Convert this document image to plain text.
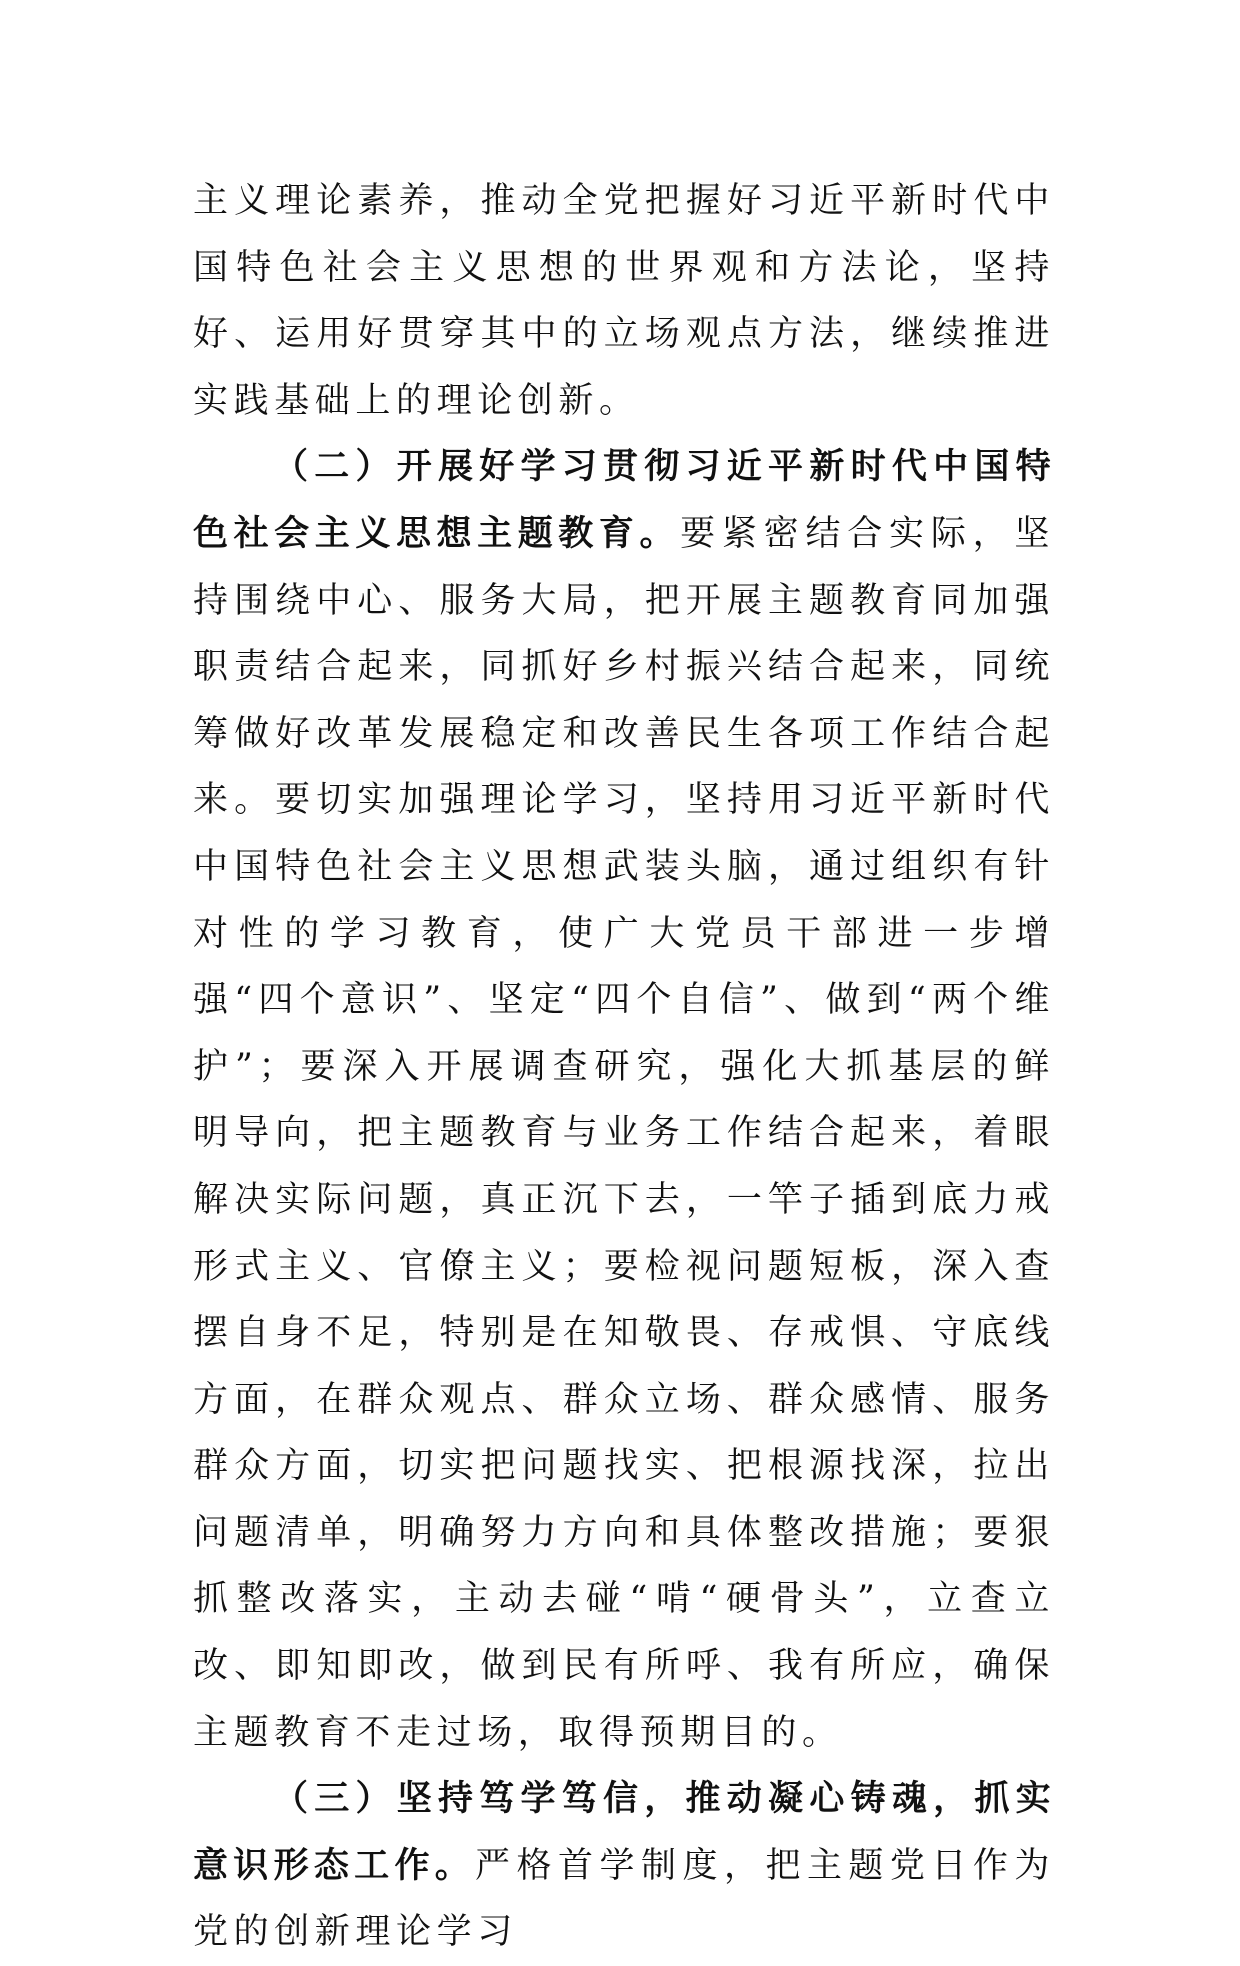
主义理论素养，推动全党把握好习近平新时代中国特色社会主义思想的世界观和方法论，坚持好、运用好贯穿其中的立场观点方法，继续推进实践基础上的理论创新。

（二）开展好学习贯彻习近平新时代中国特色社会主义思想主题教育。要紧密结合实际，坚持围绕中心、服务大局，把开展主题教育同加强职责结合起来，同抓好乡村振兴结合起来，同统筹做好改革发展稳定和改善民生各项工作结合起来。要切实加强理论学习，坚持用习近平新时代中国特色社会主义思想武装头脑，通过组织有针对性的学习教育，使广大党员干部进一步增强“四个意识”、坚定“四个自信”、做到“两个维护”；要深入开展调查研究，强化大抓基层的鲜明导向，把主题教育与业务工作结合起来，着眼解决实际问题，真正沉下去，一竿子插到底力戒形式主义、官僚主义；要检视问题短板，深入查摆自身不足，特别是在知敬畏、存戒惧、守底线方面，在群众观点、群众立场、群众感情、服务群众方面，切实把问题找实、把根源找深，拉出问题清单，明确努力方向和具体整改措施；要狠抓整改落实，主动去碰“啃“硬骨头”，立查立改、即知即改，做到民有所呼、我有所应，确保主题教育不走过场，取得预期目的。

（三）坚持笃学笃信，推动凝心铸魂，抓实意识形态工作。严格首学制度，把主题党日作为党的创新理论学习
